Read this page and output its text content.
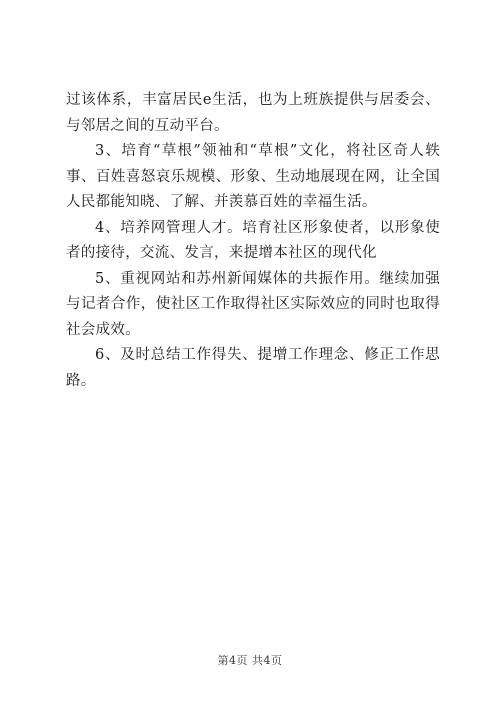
过该体系，丰富居民e生活，也为上班族提供与居委会、与邻居之间的互动平台。

3、培育“草根”领袖和“草根”文化，将社区奇人轶事、百姓喜怒哀乐规模、形象、生动地展现在网，让全国人民都能知晓、了解、并羡慕百姓的幸福生活。

4、培养网管理人才。培育社区形象使者，以形象使者的接待，交流、发言，来提增本社区的现代化

5、重视网站和苏州新闻媒体的共振作用。继续加强与记者合作，使社区工作取得社区实际效应的同时也取得社会成效。

6、及时总结工作得失、提增工作理念、修正工作思路。

第4页 共4页
